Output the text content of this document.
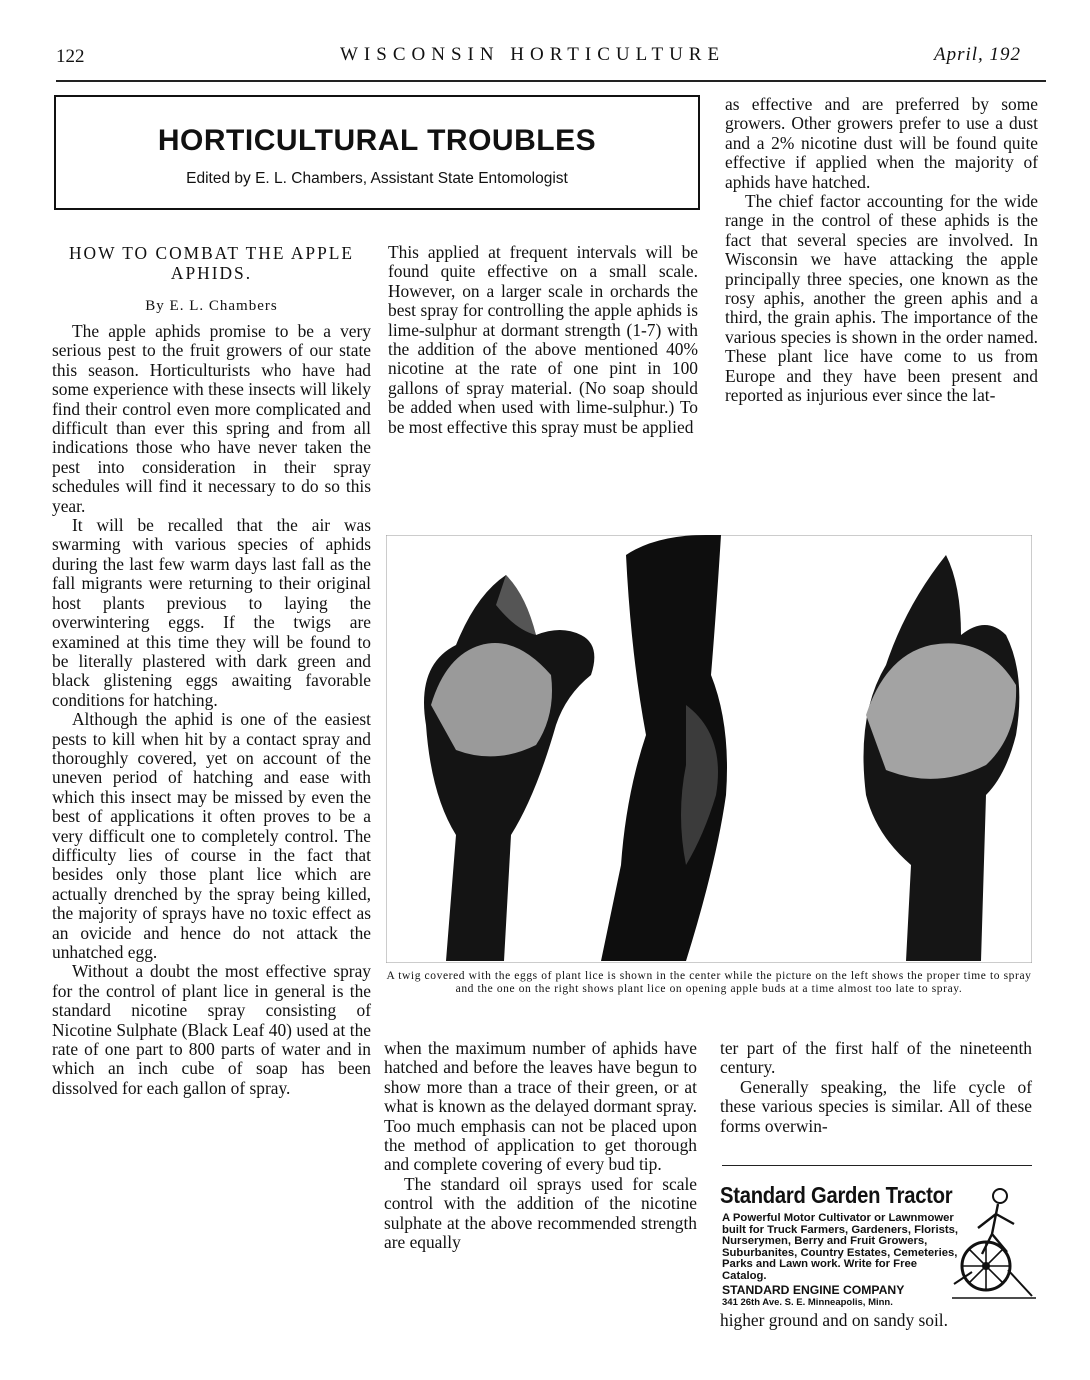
122	WISCONSIN HORTICULTURE	April, 192
HORTICULTURAL TROUBLES
Edited by E. L. Chambers, Assistant State Entomologist
HOW TO COMBAT THE APPLE APHIDS.
By E. L. Chambers

The apple aphids promise to be a very serious pest to the fruit growers of our state this season. Horticulturists who have had some experience with these insects will likely find their control even more complicated and difficult than ever this spring and from all indications those who have never taken the pest into consideration in their spray schedules will find it necessary to do so this year.

It will be recalled that the air was swarming with various species of aphids during the last few warm days last fall as the fall migrants were returning to their original host plants previous to laying the overwintering eggs. If the twigs are examined at this time they will be found to be literally plastered with dark green and black glistening eggs awaiting favorable conditions for hatching.

Although the aphid is one of the easiest pests to kill when hit by a contact spray and thoroughly covered, yet on account of the uneven period of hatching and ease with which this insect may be missed by even the best of applications it often proves to be a very difficult one to completely control. The difficulty lies of course in the fact that besides only those plant lice which are actually drenched by the spray being killed, the majority of sprays have no toxic effect as an ovicide and hence do not attack the unhatched egg.

Without a doubt the most effective spray for the control of plant lice in general is the standard nicotine spray consisting of Nicotine Sulphate (Black Leaf 40) used at the rate of one part to 800 parts of water and in which an inch cube of soap has been dissolved for each gallon of spray.

This applied at frequent intervals will be found quite effective on a small scale. However, on a larger scale in orchards the best spray for controlling the apple aphids is lime-sulphur at dormant strength (1-7) with the addition of the above mentioned 40% nicotine at the rate of one pint in 100 gallons of spray material. (No soap should be added when used with lime-sulphur.) To be most effective this spray must be applied

as effective and are preferred by some growers. Other growers prefer to use a dust and a 2% nicotine dust will be found quite effective if applied when the majority of aphids have hatched.

The chief factor accounting for the wide range in the control of these aphids is the fact that several species are involved. In Wisconsin we have attacking the apple principally three species, one known as the rosy aphis, another the green aphis and a third, the grain aphis. The importance of the various species is shown in the order named. These plant lice have come to us from Europe and they have been present and reported as injurious ever since the lat-

A twig covered with the eggs of plant lice is shown in the center while the picture on the left shows the proper time to spray and the one on the right shows plant lice on opening apple buds at a time almost too late to spray.

when the maximum number of aphids have hatched and before the leaves have begun to show more than a trace of their green, or at what is known as the delayed dormant spray. Too much emphasis can not be placed upon the method of application to get thorough and complete covering of every bud tip.

The standard oil sprays used for scale control with the addition of the nicotine sulphate at the above recommended strength are equally

ter part of the first half of the nineteenth century.

Generally speaking, the life cycle of these various species is similar. All of these forms overwin-

Standard Garden Tractor
A Powerful Motor Cultivator or Lawnmower built for Truck Farmers, Gardeners, Florists, Nurserymen, Berry and Fruit Growers, Suburbanites, Country Estates, Cemeteries, Parks and Lawn work. Write for Free Catalog.
STANDARD ENGINE COMPANY
341 26th Ave. S. E. Minneapolis, Minn.
higher ground and on sandy soil.
